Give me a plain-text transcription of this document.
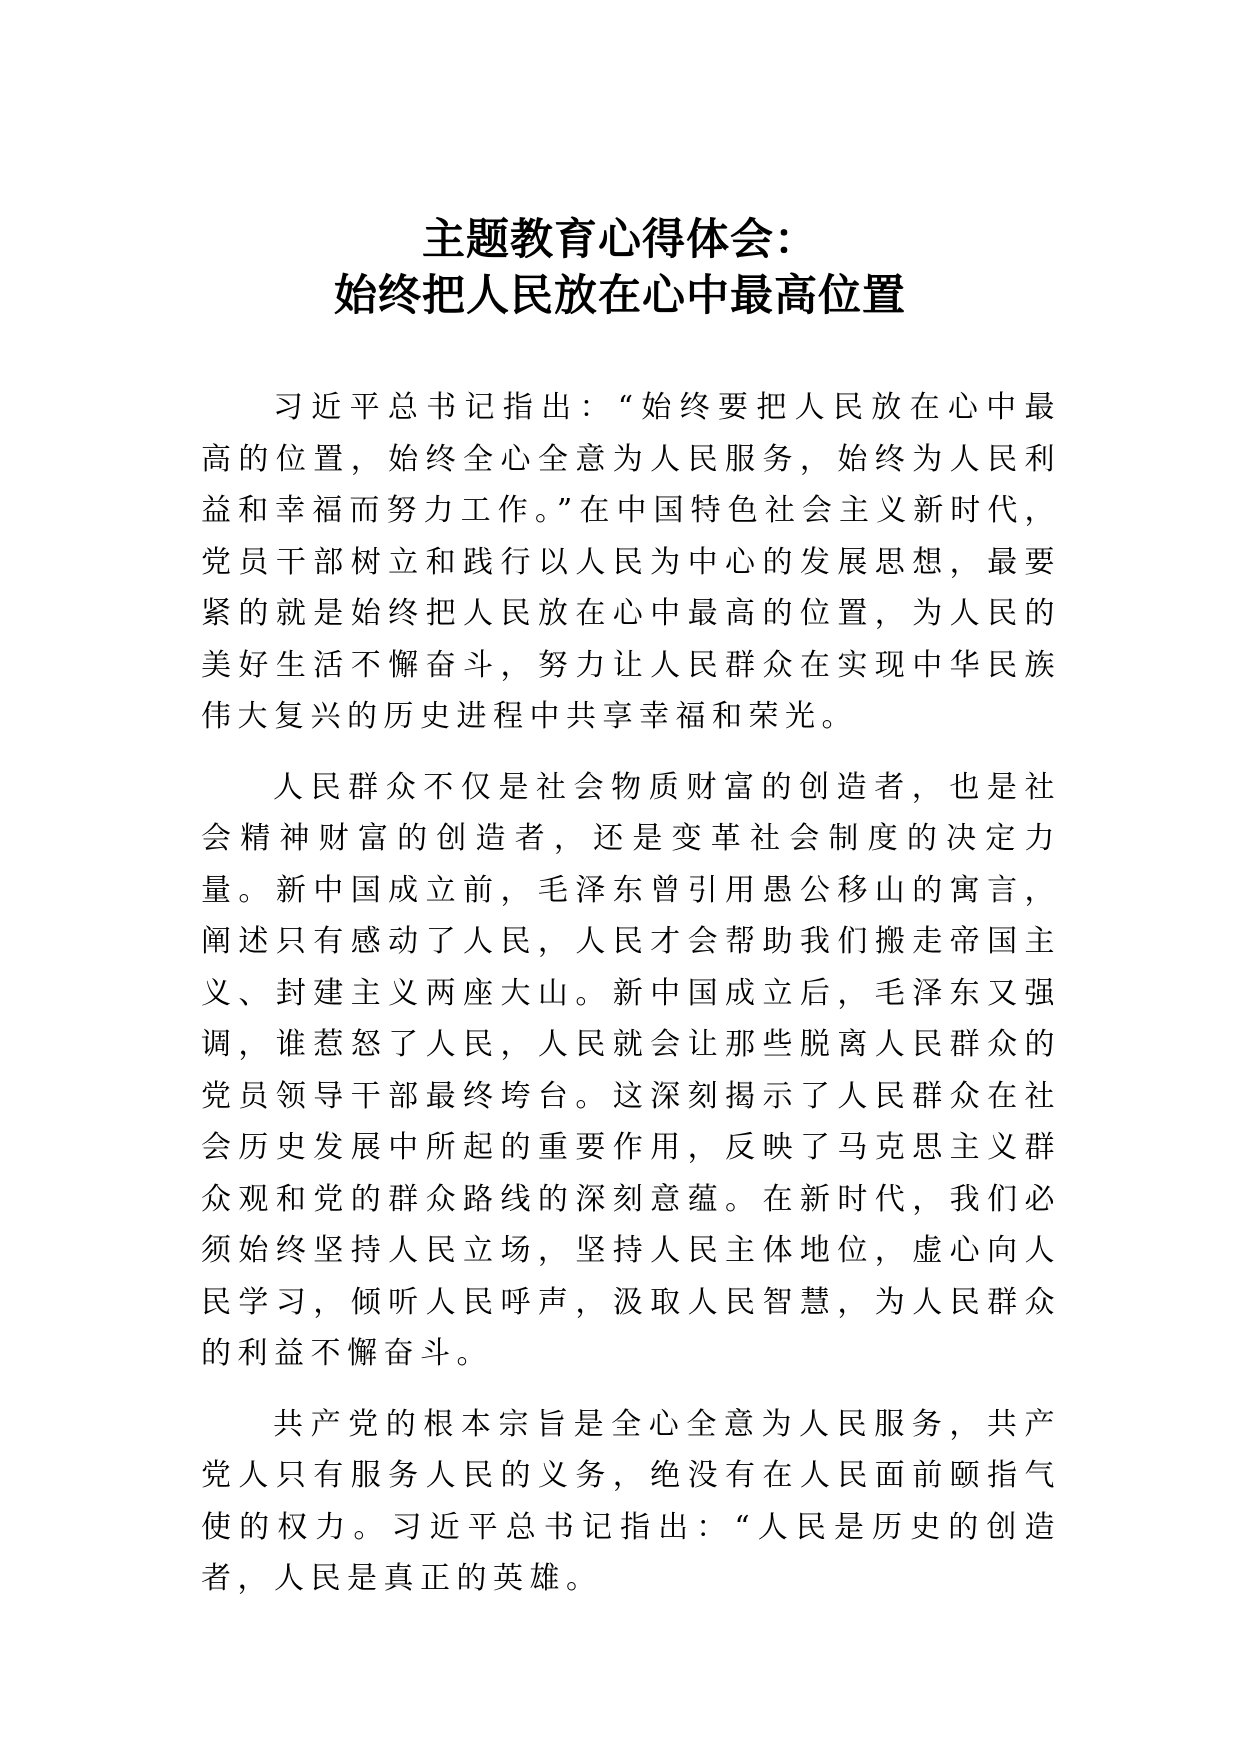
主题教育心得体会：
始终把人民放在心中最高位置

习近平总书记指出：“始终要把人民放在心中最高的位置，始终全心全意为人民服务，始终为人民利益和幸福而努力工作。”在中国特色社会主义新时代，党员干部树立和践行以人民为中心的发展思想，最要紧的就是始终把人民放在心中最高的位置，为人民的美好生活不懈奋斗，努力让人民群众在实现中华民族伟大复兴的历史进程中共享幸福和荣光。

人民群众不仅是社会物质财富的创造者，也是社会精神财富的创造者，还是变革社会制度的决定力量。新中国成立前，毛泽东曾引用愚公移山的寓言，阐述只有感动了人民，人民才会帮助我们搬走帝国主义、封建主义两座大山。新中国成立后，毛泽东又强调，谁惹怒了人民，人民就会让那些脱离人民群众的党员领导干部最终垮台。这深刻揭示了人民群众在社会历史发展中所起的重要作用，反映了马克思主义群众观和党的群众路线的深刻意蕴。在新时代，我们必须始终坚持人民立场，坚持人民主体地位，虚心向人民学习，倾听人民呼声，汲取人民智慧，为人民群众的利益不懈奋斗。

共产党的根本宗旨是全心全意为人民服务，共产党人只有服务人民的义务，绝没有在人民面前颐指气使的权力。习近平总书记指出：“人民是历史的创造者，人民是真正的英雄。
